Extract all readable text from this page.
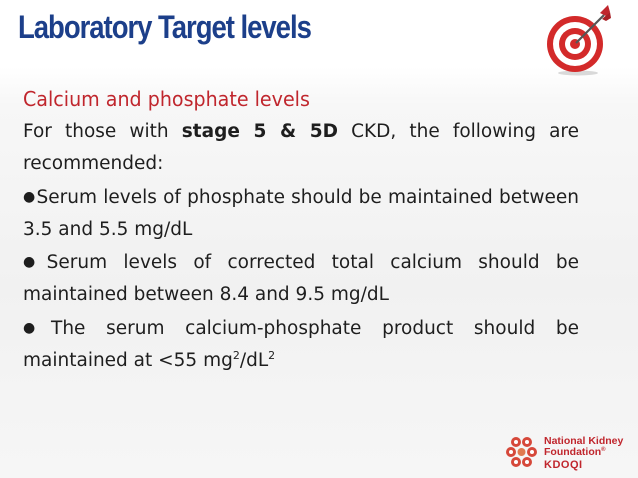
Laboratory Target levels
Calcium and phosphate levels

For those with stage 5 & 5D CKD, the following are recommended:

●Serum levels of phosphate should be maintained between 3.5 and 5.5 mg/dL

●Serum levels of corrected total calcium should be maintained between 8.4 and 9.5 mg/dL

●The serum calcium-phosphate product should be maintained at <55 $mg^2/dL^2$

National Kidney
Foundation®
KDOQI
